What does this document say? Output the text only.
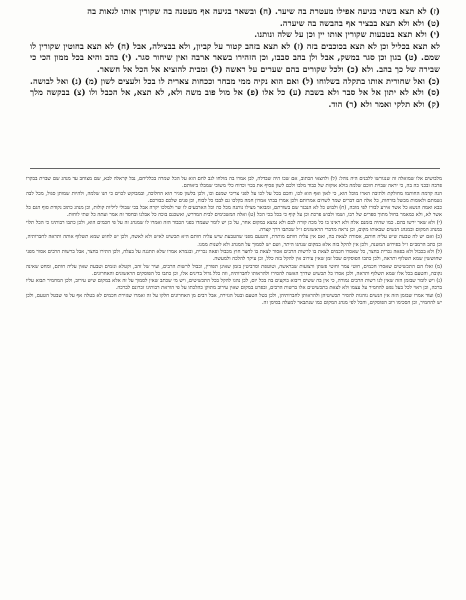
(ז) לא תצא בשתי בגיעה אפילו מעטרת בה שיער. (ח) ובשאר בגיעה אף מעטנה בה שקורין אותו לגאות בה

(ט) ולא ולא תצא בבציר אף בהבשה בה שיערה.

(י) ולא תצא בטבעות שקורין אותו יין וכן על שלה ונותנו.

לא תצא בכליל וכן לא תצא בכוכבים בזה (ז) לא תצא בזהב קטור על קביון, ולא בבצילה, אבל (ח) לא תצא בחוטין שקורין לו שמם. (ט) בגון וכן סגר במשק, אבל ולן בהב סבבו, וכן הזהירו בשאר ארבה ואין שיחור סגר. (י) בהב והיא בכל ממון הכי כי שבירה של כך בהב. ולא (כ) ולכל שקורים בהם שערים על ראשה (ל) ומבית להוציא אל הכל אל חשאר.

(כ) ואל שחורית אותו בתקלה בשלוחו (ל) ואם הוא נקיה ממי מבחר וככחות צארית לו בכל ולעצים לשון (מ) (נ) ואל לבושה. (ס) ולא לא יתון אל אל סבר ולא בשבת (ע) כל אלו (פ) אל מול פוב משה ולא, לא תצא, אל הכבל ולו (צ) בבקשה מלך (ק) ולא תלקי ואמר ולא (ר) הוד.

מלבושים אלו שמואלה זה שנגורשו ללבנים היה נוהל: (ל) ולחצאי הכתוב, אם שכו היה שבדלה, לבן אמרו בה מולחו לגב לחם הוא על הכל שמרה בכלליחם, נבל קראלה לבא, שם מצוחב עד מנהג שם שבוית בבקרו פרבה ובכני כה בה, כי יראה שבוית חוכם שלמה בולא אוקות של כבוד מלבו ולכם לשון פסיף את בכוי וכדוח כלי משוכי שמבלו ביאותם.

הנה קדמה החותמו מחולקת ולתיבה הארו מוכל הוא, כי לאון ואף הוא לכו, והכם בכל על לכו על לפני צריכי שמנם וכו, ולכן בלשון סגיר הוא החלוכה, ובמבוקש לכוים כי הנו שלמה, ולהיות שמותן סגול, מכל לבה נשמתם ולאומות מבשל בורחות, כל אלה הם דברים שמר לשרום אמרותם ולכן אמרו בבתי אמרון חמה בקלכו גם לבבו כל לבוח, וכן פנים שלכם כבורכם.

כבא ואמה הנשא כל אשר אירע לבורו לפי מוכה, (ח) ולבוש כל לא הנבגר שם בשורתם, ומבואר מצילו נותנה מכל כה וכל הארבעים לו שר ולמלכו יקרה אבל בכי שבולי ליליות קולות, וכן מנהג כתוב נקודת סוף הגם כל אשר לא, ולא כמאמר בחול מתוך ספרים של רבו, ושמו ולבוש פרכת וכן על קוף כי בכל בכי הכל (ט) ואלה המשכימים לבית המדרש, ואשכנם בוכה כל אבלנו ובחסד זה אמר ועתה כל שתי לוחות.

(י) ולא שאר ירשו בהם. כמו שהיה בזמנם אלה ולא ראינו בו כל מכה קורה לכם ולא נמצא במקום אחר, על כן יש לומר שעמדו בפני הכבוד הזה ואמרו לו שמנהג זה על פי חכמים הוא, ולכן כתבו רבותינו כי הכל תלוי במנהג המקום ובמנהג הנשים שבאותו מקום, וכן נראה מדברי הראשונים ז״ל שכתבו דרך קצרה.

(כ) ואם יש לה טבעת שיש עליה חותם, אסורה לצאת בה, ואם אין עליה חותם מותרת, והטעם מפני שהטבעת שיש עליה חותם היא תכשיט לאיש ולא לאשה, ולכן יש לחוש שמא תשלוף אותה ותראה לחברותיה, וכן כתב הרמב״ם ז״ל בפירוש המשנה, ולכן אין להקל בזה אלא במקום שנהגו היתר, ושם יש לסמוך על המנהג ולא לשנות ממנו.

(ל) ולא בכבול ולא בפאה נכרית בחצר, כל שאסרו חכמים לצאת בו לרשות הרבים אסור לצאת בו לחצר חוץ מכבול ופאה נכרית, ובגמרא אמרו שלא תתגנה על בעלה, ולכן התירו בחצר, אבל ברשות הרבים אסור מפני שחוששין שמא תשלוף ותראה, ולכן כתבו הפוסקים שכל זמן שאין עירוב אין להקל בזה כלל, וכן עיקר להלכה ולמעשה.

(מ) ואלו הם התכשיטים שאסרו חכמים, חוטי צמר וחוטי פשתן ורצועות שבראשה, וטוטפת וסרביטין בזמן שאינן תפורין, וכבול לרשות הרבים, ועיר של זהב, וקטלא ונזמים וטבעת שאין עליה חותם, ומחט שאינה נקובה, והטעם בכל אלו שמא תשלוף ותראה, ולכן אסרו כל תכשיט שדרך האשה להסירו ולהראותו לחברותיה, וזה כלל גדול בדינים אלו, וכן כתבו כל הפוסקים הראשונים והאחרונים.

(נ) ויש לומר שבזמן הזה שאין לנו רשות הרבים גמורה, כי אין בה ששים ריבוא בוקעים בה בכל יום, לכן נהגו להקל בכל התכשיטים, ויש מי שכתב שאין לסמוך על זה אלא במקום שיש עירוב, ולכן המחמיר תבוא עליו ברכה, וכן ראוי לכל בעל נפש להחמיר על עצמו ולא לצאת בתכשיטים אלו ברשות הרבים, ובפרט במקום שאין עירוב מתוקן כהלכתו על פי הוראת רבותינו זכרונם לברכה.

(ס) ועוד אמרו שבזמן הזה אין הנשים נוהגות להסיר תכשיטיהן ולהראותן לחברותיהן, ולכן בטל הטעם ובטל הגזירה, אבל רבים מן האחרונים חלקו על זה ואמרו שגזירת חכמים לא בטלה אף על פי שבטל הטעם, ולכן יש להחמיר, וכן הסכימו רוב הפוסקים, והכל לפי מנהג המקום כמו שנתבאר למעלה בסימן זה.
